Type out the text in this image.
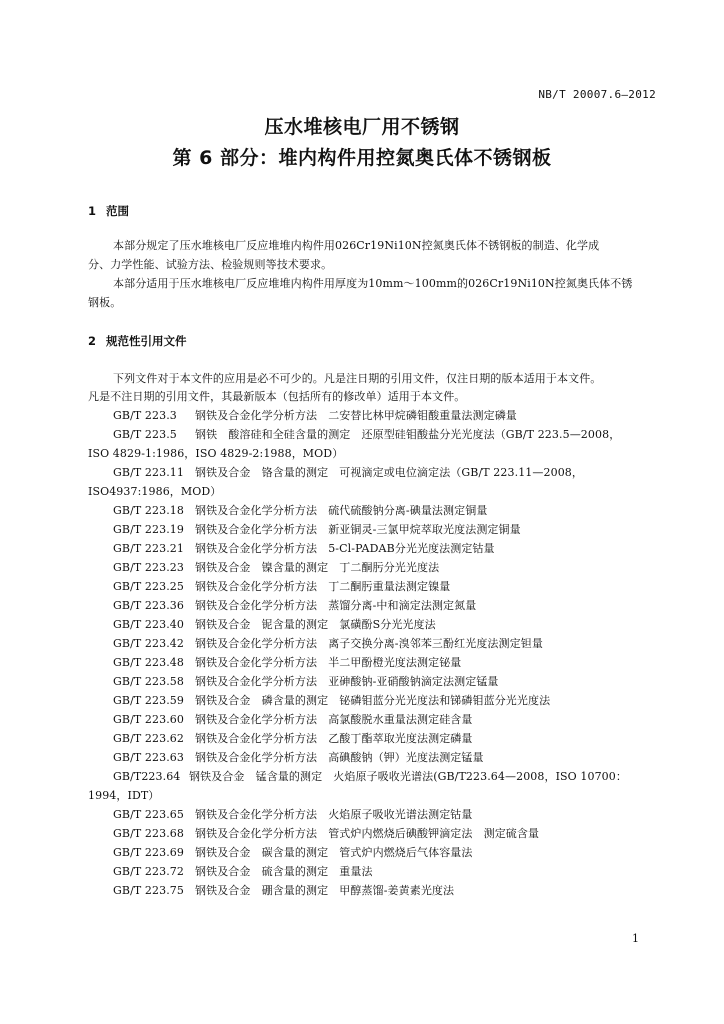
NB/T 20007.6—2012
压水堆核电厂用不锈钢
第 6 部分：堆内构件用控氮奥氏体不锈钢板
1 范围
本部分规定了压水堆核电厂反应堆堆内构件用026Cr19Ni10N控氮奥氏体不锈钢板的制造、化学成
分、力学性能、试验方法、检验规则等技术要求。
本部分适用于压水堆核电厂反应堆堆内构件用厚度为10mm～100mm的026Cr19Ni10N控氮奥氏体不锈
钢板。
2 规范性引用文件
下列文件对于本文件的应用是必不可少的。凡是注日期的引用文件，仅注日期的版本适用于本文件。
凡是不注日期的引用文件，其最新版本（包括所有的修改单）适用于本文件。
GB/T 223.3 钢铁及合金化学分析方法　二安替比林甲烷磷钼酸重量法测定磷量
GB/T 223.5 钢铁　酸溶硅和全硅含量的测定　还原型硅钼酸盐分光光度法（GB/T 223.5—2008，
ISO 4829-1:1986，ISO 4829-2:1988，MOD）
GB/T 223.11 钢铁及合金　铬含量的测定　可视滴定或电位滴定法（GB/T 223.11—2008，
ISO4937:1986，MOD）
GB/T 223.18 钢铁及合金化学分析方法　硫代硫酸钠分离-碘量法测定铜量
GB/T 223.19 钢铁及合金化学分析方法　新亚铜灵-三氯甲烷萃取光度法测定铜量
GB/T 223.21 钢铁及合金化学分析方法　5-Cl-PADAB分光光度法测定钴量
GB/T 223.23 钢铁及合金　镍含量的测定　丁二酮肟分光光度法
GB/T 223.25 钢铁及合金化学分析方法　丁二酮肟重量法测定镍量
GB/T 223.36 钢铁及合金化学分析方法　蒸馏分离-中和滴定法测定氮量
GB/T 223.40 钢铁及合金　铌含量的测定　氯磺酚S分光光度法
GB/T 223.42 钢铁及合金化学分析方法　离子交换分离-溴邻苯三酚红光度法测定钽量
GB/T 223.48 钢铁及合金化学分析方法　半二甲酚橙光度法测定铋量
GB/T 223.58 钢铁及合金化学分析方法　亚砷酸钠-亚硝酸钠滴定法测定锰量
GB/T 223.59 钢铁及合金　磷含量的测定　铋磷钼蓝分光光度法和锑磷钼蓝分光光度法
GB/T 223.60 钢铁及合金化学分析方法　高氯酸脱水重量法测定硅含量
GB/T 223.62 钢铁及合金化学分析方法　乙酸丁酯萃取光度法测定磷量
GB/T 223.63 钢铁及合金化学分析方法　高碘酸钠（钾）光度法测定锰量
GB/T223.64 钢铁及合金　锰含量的测定　火焰原子吸收光谱法(GB/T223.64—2008，ISO 10700：
1994，IDT）
GB/T 223.65 钢铁及合金化学分析方法　火焰原子吸收光谱法测定钴量
GB/T 223.68 钢铁及合金化学分析方法　管式炉内燃烧后碘酸钾滴定法　测定硫含量
GB/T 223.69 钢铁及合金　碳含量的测定　管式炉内燃烧后气体容量法
GB/T 223.72 钢铁及合金　硫含量的测定　重量法
GB/T 223.75 钢铁及合金　硼含量的测定　甲醇蒸馏-姜黄素光度法
1
